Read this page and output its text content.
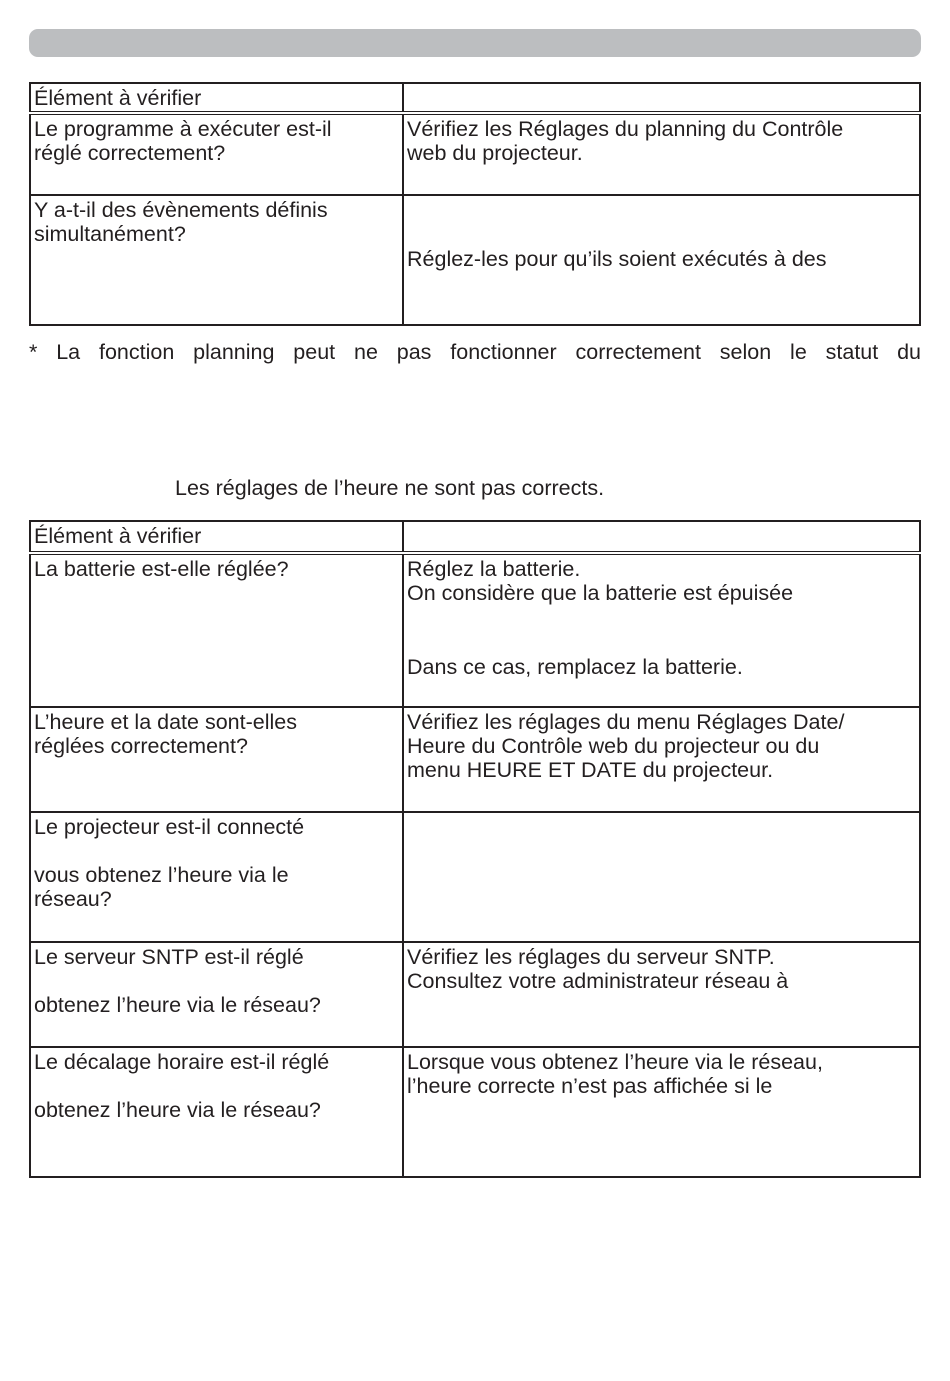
Élément à vérifier	

Le programme à exécuter est-il
réglé correctement?	Vérifiez les Réglages du planning du Contrôle
web du projecteur.

Y a-t-il des évènements définis
simultanément?	Réglez-les pour qu’ils soient exécutés à des
* La fonction planning peut ne pas fonctionner correctement selon le statut du
Les réglages de l’heure ne sont pas corrects.
Élément à vérifier	

La batterie est-elle réglée?	Réglez la batterie.
On considère que la batterie est épuisée
Dans ce cas, remplacez la batterie.

L’heure et la date sont-elles
réglées correctement?	Vérifiez les réglages du menu Réglages Date/
Heure du Contrôle web du projecteur ou du
menu HEURE ET DATE du projecteur.

Le projecteur est-il connecté
vous obtenez l’heure via le
réseau?	

Le serveur SNTP est-il réglé
obtenez l’heure via le réseau?	Vérifiez les réglages du serveur SNTP.
Consultez votre administrateur réseau à

Le décalage horaire est-il réglé
obtenez l’heure via le réseau?	Lorsque vous obtenez l’heure via le réseau,
l’heure correcte n’est pas affichée si le
